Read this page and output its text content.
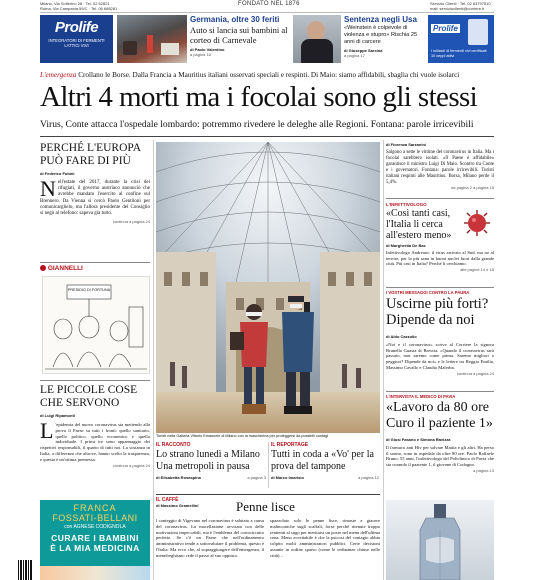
Milano, Via Solferino 28 · Tel. 02 62821
Roma, Via Campania 59/C · Tel. 06 688281
FONDATO NEL 1876	Servizio Clienti · Tel. 02 63797510
mail: servizioclienti@corriere.it
Prolife
INTEGRATORI DI FERMENTI LATTICI VIVI
Germania, oltre 30 feriti
Auto si lancia sui bambini al corteo di Carnevale
di Paolo Valentino
a pagina 16
Sentenza negli Usa
«Weinstein è colpevole di violenza e stupro» Rischia 25 anni di carcere
di Giuseppe Sarcina
a pagina 17
Prolife
I miliardi di fermenti vivi certificati 10 ceppi attivi
L'emergenza Crollano le Borse. Dalla Francia a Mauritius italiani osservati speciali e respinti. Di Maio: siamo affidabili, sbaglia chi vuole isolarci
Altri 4 morti ma i focolai sono gli stessi
Virus, Conte attacca l'ospedale lombardo: potremmo rivedere le deleghe alle Regioni. Fontana: parole irricevibili
PERCHÉ L'EUROPA PUÒ FARE DI PIÙ
di Federico Fubini
N ell'estate del 2017, durante la crisi dei rifugiati, il governo austriaco annunciò che avrebbe mandato l'esercito al confine sul Brennero. Da Vienna si cercò Paolo Gentiloni per comunicarglielo, ma l'allora presidente del Consiglio si negò al telefono: sapeva già tutto.
continua a pagina 24
GIANNELLI
PRESIDIO DI FORTUNA
LE PICCOLE COSE CHE SERVONO
di Luigi Ripamonti
L 'epidemia del nuovo coronavirus sta mettendo alla prova il Paese su tutti i fronti: quello sanitario, quello politico, quello economico e quello individuale. I primi tre sono appannaggio dei rispettivi responsabili, il quarto di tutti noi. La sostanza in Italia, a differenza che altrove, hanno scelto la trasparenza, e questa è un'ottima premessa.
continua a pagina 24
FRANCA
FOSSATI-BELLANI
con AGNESE CODIGNOLA
CURARE I BAMBINI
È LA MIA MEDICINA
Turisti nella Galleria Vittorio Emanuele di Milano con la mascherina per proteggersi da possibili contagi
IL RACCONTO
Lo strano lunedì a Milano Una metropoli in pausa
di Elisabetta Rosaspina	a pagina 3
IL REPORTAGE
Tutti in coda a «Vo' per la prova del tampone
di Marco Imarisio	a pagina 12
IL CAFFÈ
di Massimo Gramellini	Penne lisce
l conteggio di Vigevano nel coronavirus è salutato a causa del coronavirus. La macellazione avvisata con delle motivazioni impeccabili, ma è l'emblema del cortocircuito perfetto. Se c'è un Paese che nell'ordinamento amministrativo tende a sottovalutare il problema, questo è l'Italia. Ma ecco che, al sopraggiungere dell'emergenza, il menefreghismo cede il passo al suo opposto.
spazzolato solo le penne lisce, rimaste a giacere malinconiche sugli scaffali, forse perché ritenute troppo renitenti al sugo per meritarsi un posto nel menu dell'ultima cena. Meno accettabile è che la psicosi del contagio abbia colpito molti amministratori pubblici. Certe decisioni assunte in ordine sparso (come le ordinanze chiuse nelle città)...
di Fiorenza Sarzanini
Salgono a sette le vittime del coronavirus in Italia. Ma i focolai sarebbero isolati. «Il Paese è affidabile» garantisce il ministro Luigi Di Maio. Scontro tra Conte e i governatori. Fontana: parole irricevibili. Turisti italiani respinti alle Mauritius. Borsa, Milano perde il 5,4%.
da pagina 2 a pagina 15
L'INFETTIVOLOGO
«Così tanti casi, l'Italia li cerca all'estero meno»
di Margherita De Bac
Infettivologo Andreoni: il virus arrivato al Sud, ma no al terrore, per la più sana in buoni nuclei fuori dalla grande città. Più casi in Italia? Perché li cerchiamo.
alle pagine 14 e 15
I VOSTRI MESSAGGI CONTRO LA PAURA
Uscirne più forti? Dipende da noi
di Aldo Cazzullo
«Noi e il coronavirus» scrive al Corriere la signora Brunella Guasta di Brescia. «Quando il coronavirus sarà passato, non saremo come prima. Saremo migliori o peggiori? Dipende da noi» e le lettere tra Reggio Emilia, Massimo Cavallo e Claudio Malerba.
continua a pagina 24
L'INTERVISTA IL MEDICO DI PAVIA
«Lavoro da 80 ore Curo il paziente 1»
di Giusi Fasano e Simona Ravizza
Il farmaco anti Hiv per salvare Mattia e gli altri. Ha perso il sonno, sono in ospedale da oltre 80 ore. Paolo Raffaele Bruno, 55 anni, l'infettivologo del Policlinico di Pavia che sta curando il paziente 1, il giovane di Codogno.
a pagina 13
